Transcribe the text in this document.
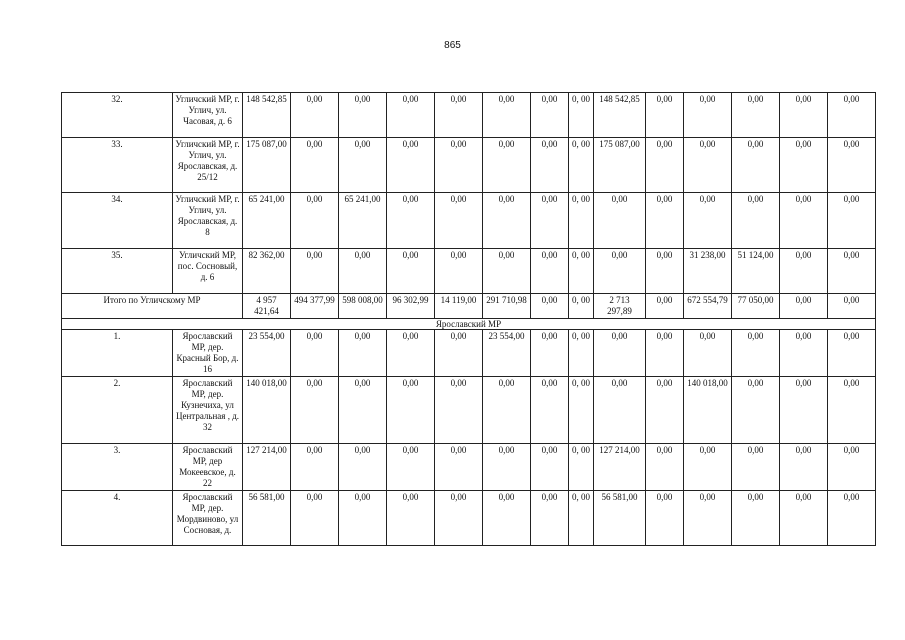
865
32.	Угличский МР, г. Углич, ул. Часовая, д. 6	148 542,85	0,00	0,00	0,00	0,00	0,00	0,00	0, 00	148 542,85	0,00	0,00	0,00	0,00	0,00
33.	Угличский МР, г. Углич, ул. Ярославская, д. 25/12	175 087,00	0,00	0,00	0,00	0,00	0,00	0,00	0, 00	175 087,00	0,00	0,00	0,00	0,00	0,00
34.	Угличский МР, г. Углич, ул. Ярославская, д. 8	65 241,00	0,00	65 241,00	0,00	0,00	0,00	0,00	0, 00	0,00	0,00	0,00	0,00	0,00	0,00
35.	Угличский МР, пос. Сосновый, д. 6	82 362,00	0,00	0,00	0,00	0,00	0,00	0,00	0, 00	0,00	0,00	31 238,00	51 124,00	0,00	0,00
Итого по Угличскому МР		4 957 421,64	494 377,99	598 008,00	96 302,99	14 119,00	291 710,98	0,00	0, 00	2 713 297,89	0,00	672 554,79	77 050,00	0,00	0,00
Ярославский МР															
1.	Ярославский МР, дер. Красный Бор, д. 16	23 554,00	0,00	0,00	0,00	0,00	23 554,00	0,00	0, 00	0,00	0,00	0,00	0,00	0,00	0,00
2.	Ярославский МР, дер. Кузнечиха, ул Центральная , д. 32	140 018,00	0,00	0,00	0,00	0,00	0,00	0,00	0, 00	0,00	0,00	140 018,00	0,00	0,00	0,00
3.	Ярославский МР, дер Мокеевское, д. 22	127 214,00	0,00	0,00	0,00	0,00	0,00	0,00	0, 00	127 214,00	0,00	0,00	0,00	0,00	0,00
4.	Ярославский МР, дер. Мордвиново, ул Сосновая, д.	56 581,00	0,00	0,00	0,00	0,00	0,00	0,00	0, 00	56 581,00	0,00	0,00	0,00	0,00	0,00
